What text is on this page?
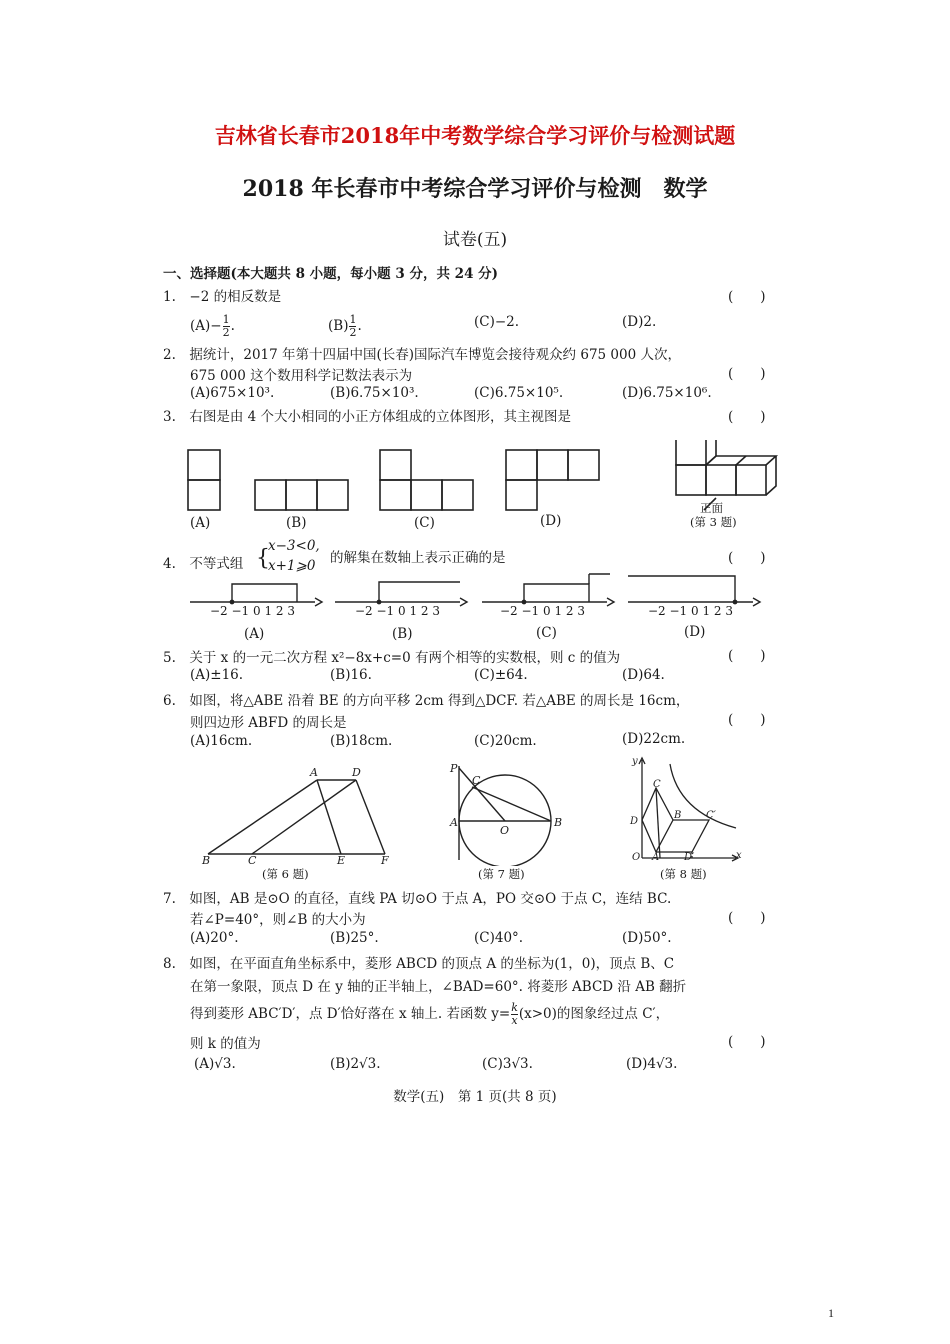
吉林省长春市2018年中考数学综合学习评价与检测试题
2018 年长春市中考综合学习评价与检测　数学
试卷(五)
一、选择题(本大题共 8 小题，每小题 3 分，共 24 分)
1.　−2 的相反数是	(　　)
$(A)- \frac{1}{2}$ .	$(B) \frac{1}{2}$ .	(C)−2.	(D)2.
2.　据统计，2017 年第十四届中国(长春)国际汽车博览会接待观众约 675 000 人次，
675 000 这个数用科学记数法表示为	(　　)
(A)675×10³.	(B)6.75×10³.	(C)6.75×10⁵.	(D)6.75×10⁶.
3.　右图是由 4 个大小相同的小正方体组成的立体图形，其主视图是	(　　)
(A)	(B)	(C)	(D)
正面
(第 3 题)
4.　不等式组 {
x−3<0,
x+1⩾0 的解集在数轴上表示正确的是	(　　)
−2 −1 0 1 2 3	−2 −1 0 1 2 3	−2 −1 0 1 2 3	−2 −1 0 1 2 3
(A)	(B)	(C)	(D)
5.　关于 x 的一元二次方程 x²−8x+c=0 有两个相等的实数根，则 c 的值为	(　　)
(A)±16.	(B)16.	(C)±64.	(D)64.
6.　如图，将△ABE 沿着 BE 的方向平移 2cm 得到△DCF. 若△ABE 的周长是 16cm，
则四边形 ABFD 的周长是	(　　)
(A)16cm.	(B)18cm.	(C)20cm.	(D)22cm.
A	D
B	C	E	F
(第 6 题)
P
C
A
O
B
(第 7 题)
y
C
D
B C′
O A D′	x
(第 8 题)
7.　如图，AB 是⊙O 的直径，直线 PA 切⊙O 于点 A，PO 交⊙O 于点 C，连结 BC.
若∠P=40°，则∠B 的大小为	(　　)
(A)20°.	(B)25°.	(C)40°.	(D)50°.
8.　如图，在平面直角坐标系中，菱形 ABCD 的顶点 A 的坐标为(1，0)，顶点 B、C
在第一象限，顶点 D 在 y 轴的正半轴上，∠BAD=60°. 将菱形 ABCD 沿 AB 翻折
得到菱形 ABC′D′，点 D′恰好落在 x 轴上. 若函数 $y= \frac{k}{x} (x>0)$的图象经过点 C′，
则 k 的值为	(　　)
(A)√3.	(B)2√3.	(C)3√3.	(D)4√3.
数学(五)　第 1 页(共 8 页)
1
